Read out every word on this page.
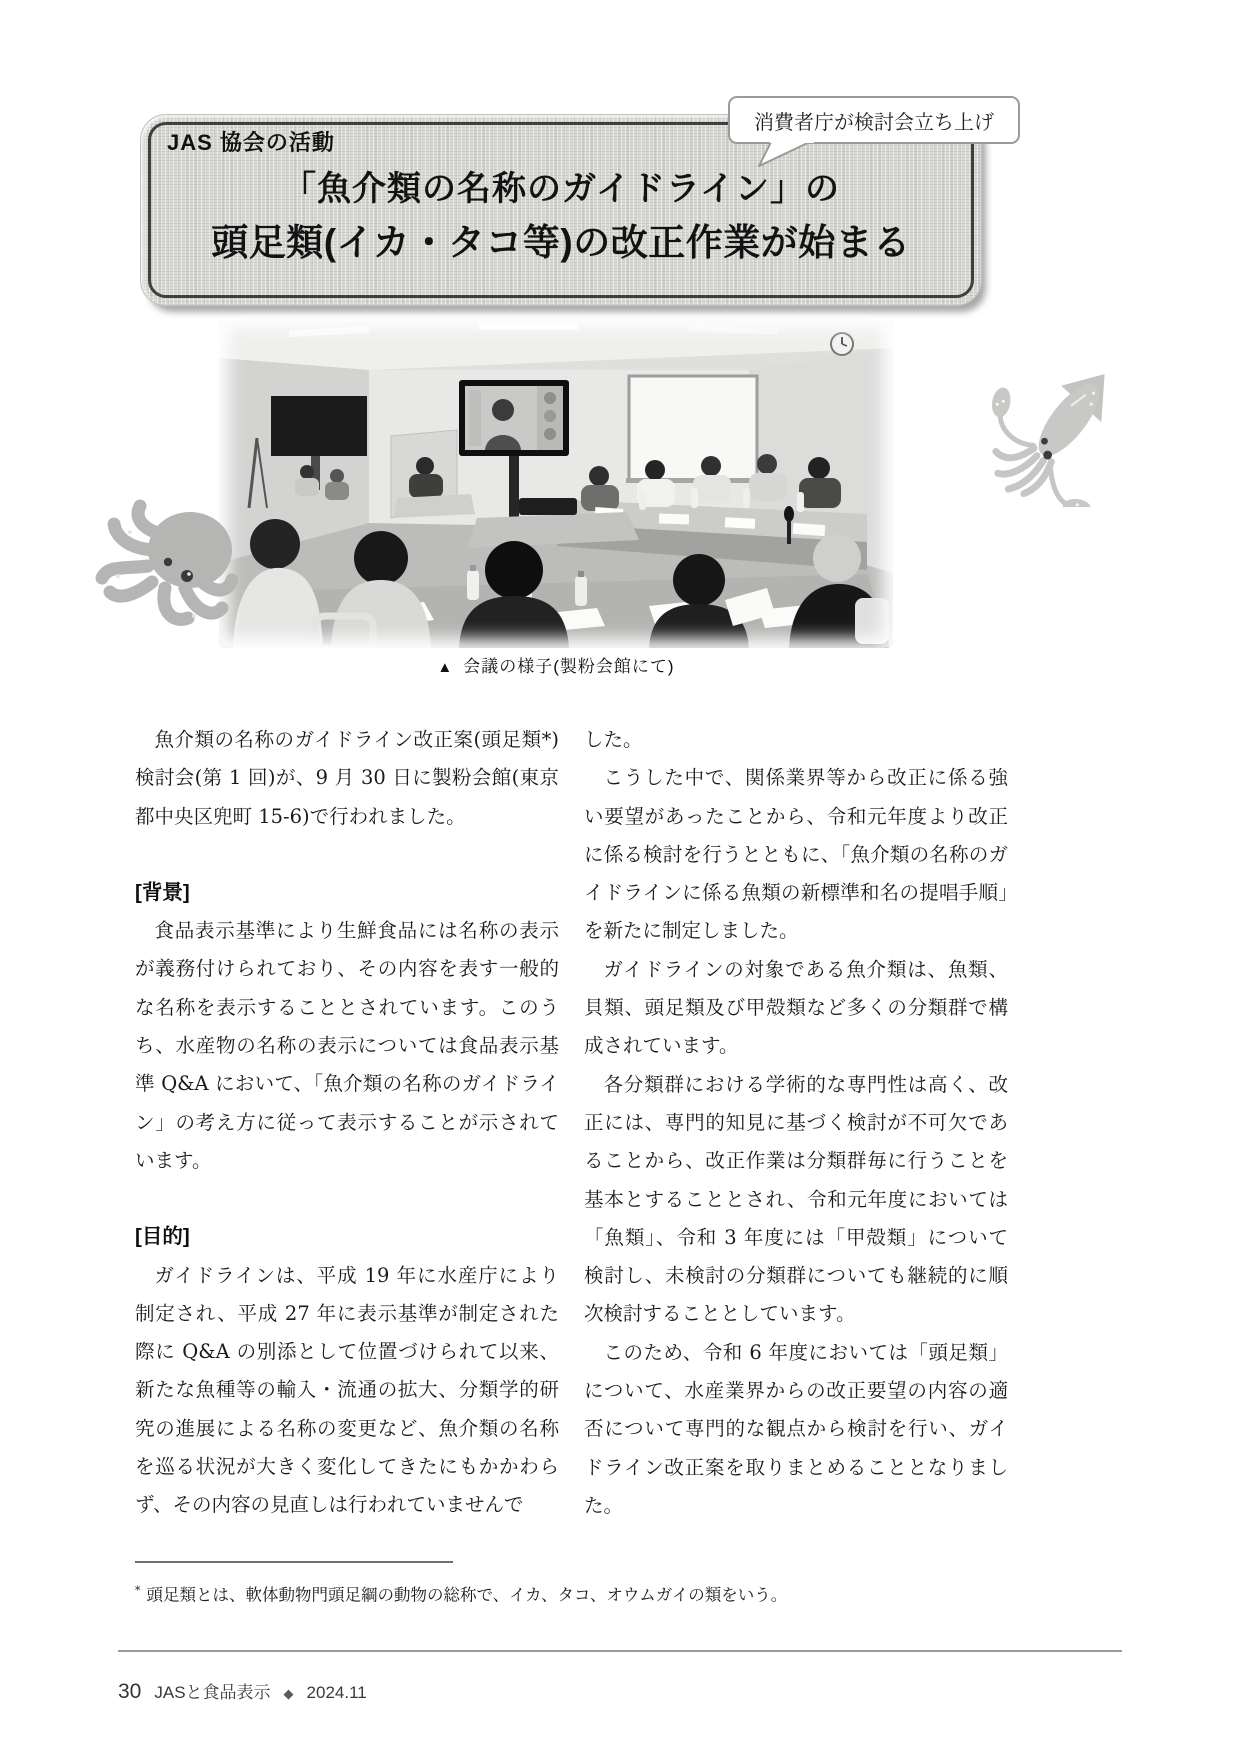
JAS 協会の活動
「魚介類の名称のガイドライン」の
頭足類(イカ・タコ等)の改正作業が始まる
消費者庁が検討会立ち上げ
▲ 会議の様子(製粉会館にて)

魚介類の名称のガイドライン改正案(頭足類*)検討会(第 1 回)が、9 月 30 日に製粉会館(東京都中央区兜町 15-6)で行われました。

[背景]

食品表示基準により生鮮食品には名称の表示が義務付けられており、その内容を表す一般的な名称を表示することとされています。このうち、水産物の名称の表示については食品表示基準 Q&A において、「魚介類の名称のガイドライン」の考え方に従って表示することが示されています。

[目的]

ガイドラインは、平成 19 年に水産庁により制定され、平成 27 年に表示基準が制定された際に Q&A の別添として位置づけられて以来、新たな魚種等の輸入・流通の拡大、分類学的研究の進展による名称の変更など、魚介類の名称を巡る状況が大きく変化してきたにもかかわらず、その内容の見直しは行われていませんで

した。

こうした中で、関係業界等から改正に係る強い要望があったことから、令和元年度より改正に係る検討を行うとともに、「魚介類の名称のガイドラインに係る魚類の新標準和名の提唱手順」を新たに制定しました。

ガイドラインの対象である魚介類は、魚類、貝類、頭足類及び甲殻類など多くの分類群で構成されています。

各分類群における学術的な専門性は高く、改正には、専門的知見に基づく検討が不可欠であることから、改正作業は分類群毎に行うことを基本とすることとされ、令和元年度においては「魚類」、令和 3 年度には「甲殻類」について検討し、未検討の分類群についても継続的に順次検討することとしています。

このため、令和 6 年度においては「頭足類」について、水産業界からの改正要望の内容の適否について専門的な観点から検討を行い、ガイドライン改正案を取りまとめることとなりました。

* 頭足類とは、軟体動物門頭足綱の動物の総称で、イカ、タコ、オウムガイの類をいう。
30 JASと食品表示 ◆ 2024.11
